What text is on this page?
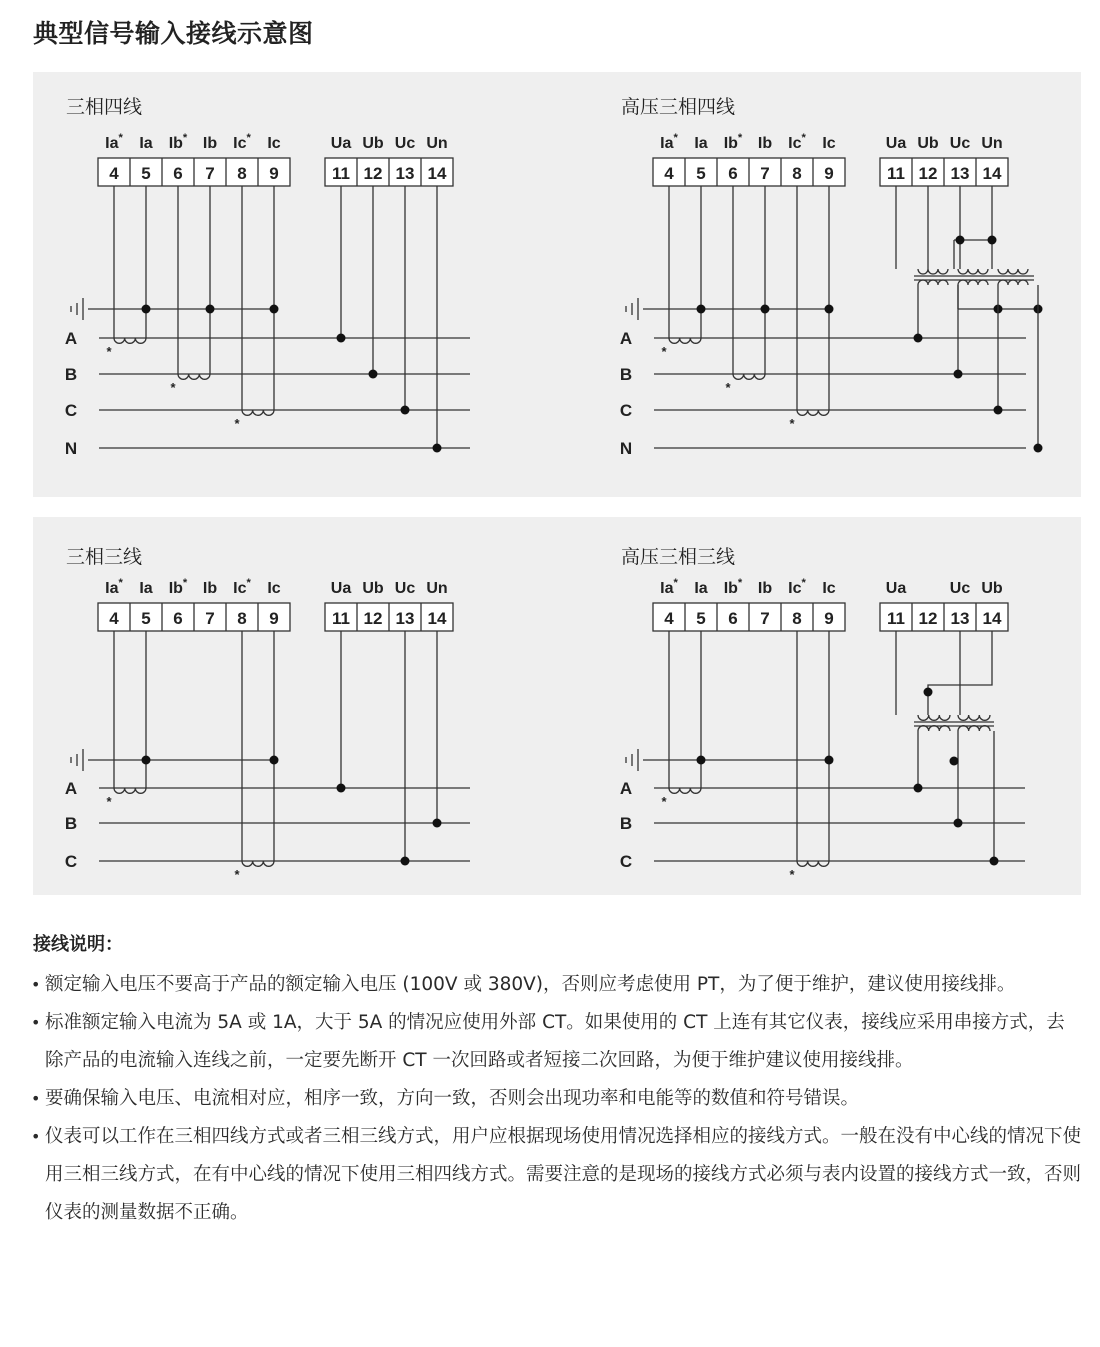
典型信号输入接线示意图
三相四线	高压三相四线
4
Ia*
5
Ia
6
Ib*
7
Ib
8
Ic*
9
Ic
11
Ua
12
Ub
13
Uc
14
Un
A
B
C
N
*
*
*
4
Ia*
5
Ia
6
Ib*
7
Ib
8
Ic*
9
Ic
11
Ua
12
Ub
13
Uc
14
Un
A
B
C
N
*
*
*
三相三线	高压三相三线
4
Ia*
5
Ia
6
Ib*
7
Ib
8
Ic*
9
Ic
11
Ua
12
Ub
13
Uc
14
Un
A
B
C
*
*
4
Ia*
5
Ia
6
Ib*
7
Ib
8
Ic*
9
Ic
11
Ua
12 13
Uc
14
Ub
A
B
C
*
*
接线说明：
• 额定输入电压不要高于产品的额定输入电压 (100V 或 380V)，否则应考虑使用 PT，为了便于维护，建议使用接线排。
• 标准额定输入电流为 5A 或 1A，大于 5A 的情况应使用外部 CT。如果使用的 CT 上连有其它仪表，接线应采用串接方式，去除产品的电流输入连线之前，一定要先断开 CT 一次回路或者短接二次回路，为便于维护建议使用接线排。
• 要确保输入电压、电流相对应，相序一致，方向一致，否则会出现功率和电能等的数值和符号错误。
• 仪表可以工作在三相四线方式或者三相三线方式，用户应根据现场使用情况选择相应的接线方式。一般在没有中心线的情况下使用三相三线方式，在有中心线的情况下使用三相四线方式。需要注意的是现场的接线方式必须与表内设置的接线方式一致，否则仪表的测量数据不正确。
